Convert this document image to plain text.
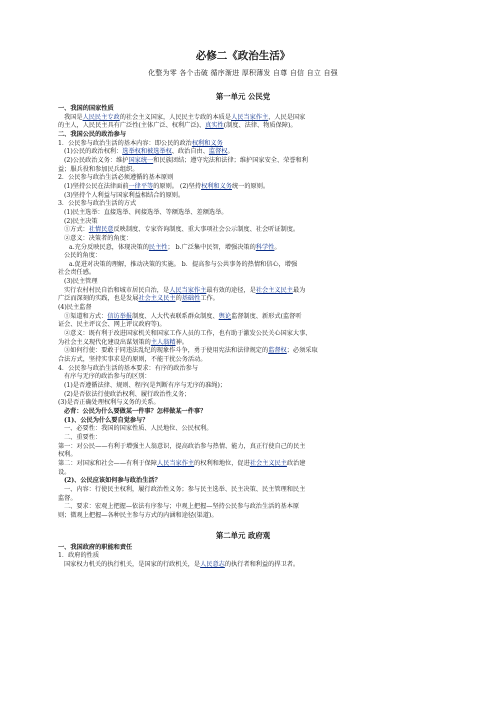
必修二《政治生活》

化整为零 各个击破 循序渐进 厚积薄发 自尊 自信 自立 自强

第一单元 公民党

一、我国的国家性质

我国是人民民主专政的社会主义国家，人民民主专政的本质是人民当家作主，人民是国家

的主人，人民民主具有广泛性(主体广泛、权利广泛)、真实性(制度、法律、物质保障)。

二、我国公民的政治参与

1．公民参与政治生活的基本内容：即公民的政治权利和义务

(1)公民的政治权利：选举权和被选举权、政治自由、监督权。

(2)公民政治义务：维护国家统一和民族团结；遵守宪法和法律；维护国家安全、荣誉和利

益；服兵役和参加民兵组织。

2．公民参与政治生活必须遵循的基本原则

(1)坚持公民在法律面前一律平等的原则。 (2)坚持权利和义务统一的原则。

(3)坚持个人利益与国家利益相结合的原则。

3．公民参与政治生活的方式

(1)民主选举：直接选举、间接选举、等额选举、差额选举。

(2)民主决策

①方式：社情民意反映制度、专家咨询制度、重大事项社会公示制度、社会听证制度。

②意义：决策者的角度：

a.充分反映民意，体现决策的民主性； b.广泛集中民智，增强决策的科学性。

公民的角度：

a.促进对决策的理解，推动决策的实施。 b．提高参与公共事务的热情和信心，增强

社会责任感。

(3)民主管理

实行农村村民自治和城市居民自治，是人民当家作主最有效的途径，是社会主义民主最为

广泛而深刻的实践，也是发展社会主义民主的基础性工作。

(4)民主监督

①渠道和方式：信访举报制度、人大代表联系群众制度、舆论监督制度、新形式(监督听

证会、民主评议会、网上评议政府等)。

②意义：既有利于改进国家机关和国家工作人员的工作，也有助于激发公民关心国家大事、

为社会主义现代化建设出谋划策的主人翁精神。

③如何行使：要敢于同违法乱纪的现象作斗争，勇于使用宪法和法律规定的监督权；必须采取

合法方式，坚持实事求是的原则，不能干扰公务活动。

4．公民参与政治生活的基本要求：有序的政治参与

有序与无序的政治参与的区别：

(1)是否遵循法律、规则、程序(是判断有序与无序的准绳)；

(2)是否依法行使政治权利、履行政治性义务；

(3)是否正确处理权利与义务的关系。

必背：公民为什么要做某一件事？怎样做某一件事？

(1)、公民为什么要自觉参与？

一、必要性：我国的国家性质、人民地位、公民权利。

二、重要性：

第一：对公民——有利于增强主人翁意识，提高政治参与热情、能力，真正行使自己的民主

权利。

第二：对国家和社会——有利于保障人民当家作主的权利和地位，促进社会主义民主政治建

设。

(2)、公民应该如何参与政治生活？

一、内容：行使民主权利，履行政治性义务；参与民主选举、民主决策、民主管理和民主

监督。

二、要求：宏观上把握—依法有序参与；中观上把握—坚持公民参与政治生活的基本原

则；微观上把握—各种民主参与方式的内涵和途径(渠道)。

第二单元 政府观

一、我国政府的职能和责任

1．政府的性质

国家权力机关的执行机关，是国家的行政机关，是人民意志的执行者和利益的捍卫者。
